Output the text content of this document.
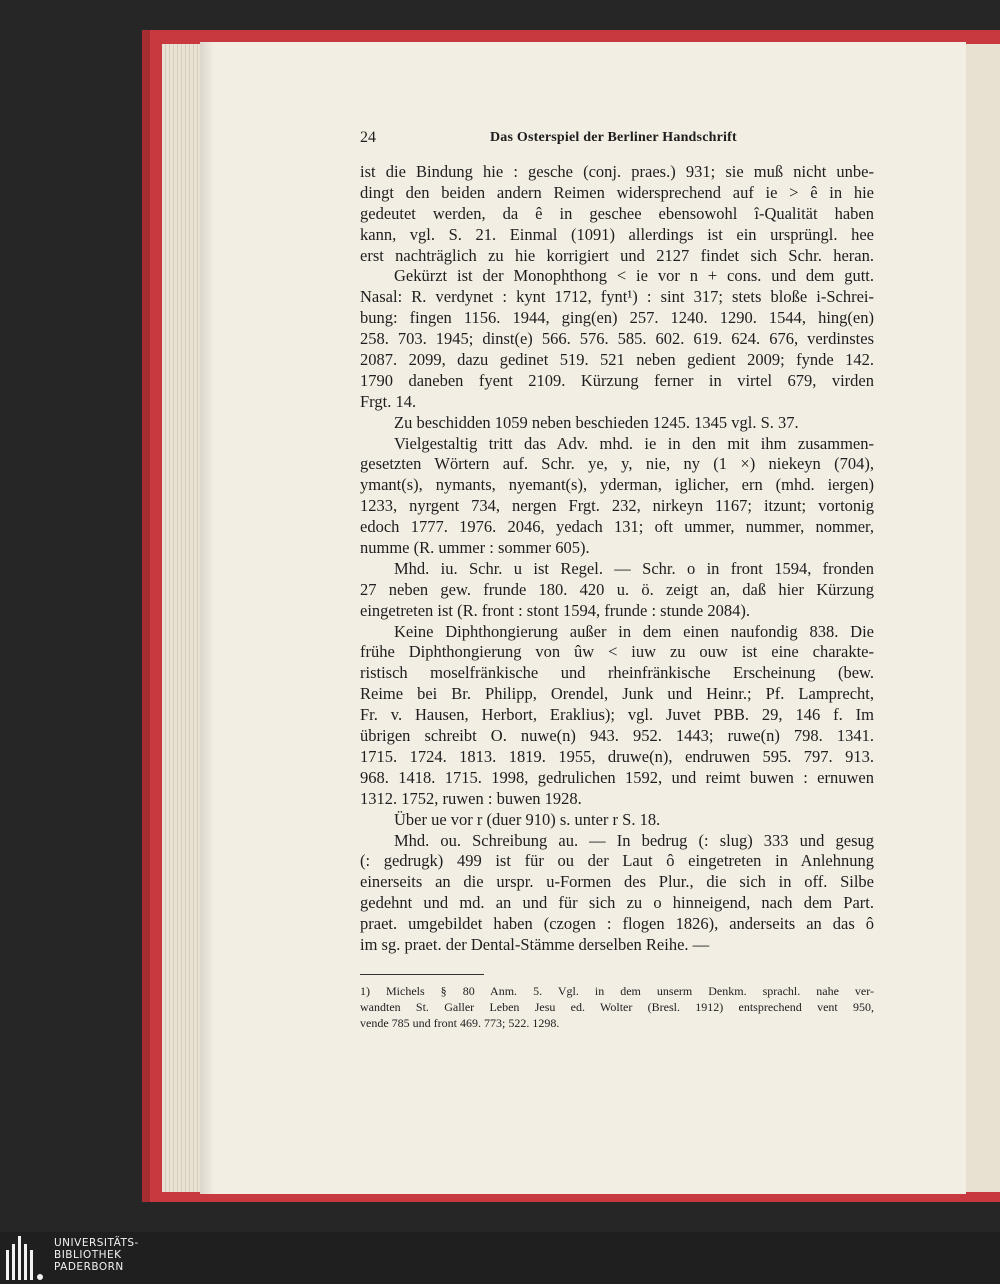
24	Das Osterspiel der Berliner Handschrift
ist die Bindung hie : gesche (conj. praes.) 931; sie muß nicht unbe-
dingt den beiden andern Reimen widersprechend auf ie > ê in hie
gedeutet werden, da ê in geschee ebensowohl î-Qualität haben
kann, vgl. S. 21. Einmal (1091) allerdings ist ein ursprüngl. hee
erst nachträglich zu hie korrigiert und 2127 findet sich Schr. heran.
Gekürzt ist der Monophthong < ie vor n + cons. und dem gutt.
Nasal: R. verdynet : kynt 1712, fynt¹) : sint 317; stets bloße i-Schrei-
bung: fingen 1156. 1944, ging(en) 257. 1240. 1290. 1544, hing(en)
258. 703. 1945; dinst(e) 566. 576. 585. 602. 619. 624. 676, verdinstes
2087. 2099, dazu gedinet 519. 521 neben gedient 2009; fynde 142.
1790 daneben fyent 2109. Kürzung ferner in virtel 679, virden
Frgt. 14.
Zu beschidden 1059 neben beschieden 1245. 1345 vgl. S. 37.
Vielgestaltig tritt das Adv. mhd. ie in den mit ihm zusammen-
gesetzten Wörtern auf. Schr. ye, y, nie, ny (1 ×) niekeyn (704),
ymant(s), nymants, nyemant(s), yderman, iglicher, ern (mhd. iergen)
1233, nyrgent 734, nergen Frgt. 232, nirkeyn 1167; itzunt; vortonig
edoch 1777. 1976. 2046, yedach 131; oft ummer, nummer, nommer,
numme (R. ummer : sommer 605).
Mhd. iu. Schr. u ist Regel. — Schr. o in front 1594, fronden
27 neben gew. frunde 180. 420 u. ö. zeigt an, daß hier Kürzung
eingetreten ist (R. front : stont 1594, frunde : stunde 2084).
Keine Diphthongierung außer in dem einen naufondig 838. Die
frühe Diphthongierung von ûw < iuw zu ouw ist eine charakte-
ristisch moselfränkische und rheinfränkische Erscheinung (bew.
Reime bei Br. Philipp, Orendel, Junk und Heinr.; Pf. Lamprecht,
Fr. v. Hausen, Herbort, Eraklius); vgl. Juvet PBB. 29, 146 f. Im
übrigen schreibt O. nuwe(n) 943. 952. 1443; ruwe(n) 798. 1341.
1715. 1724. 1813. 1819. 1955, druwe(n), endruwen 595. 797. 913.
968. 1418. 1715. 1998, gedrulichen 1592, und reimt buwen : ernuwen
1312. 1752, ruwen : buwen 1928.
Über ue vor r (duer 910) s. unter r S. 18.
Mhd. ou. Schreibung au. — In bedrug (: slug) 333 und gesug
(: gedrugk) 499 ist für ou der Laut ô eingetreten in Anlehnung
einerseits an die urspr. u-Formen des Plur., die sich in off. Silbe
gedehnt und md. an und für sich zu o hinneigend, nach dem Part.
praet. umgebildet haben (czogen : flogen 1826), anderseits an das ô
im sg. praet. der Dental-Stämme derselben Reihe. —
1) Michels § 80 Anm. 5. Vgl. in dem unserm Denkm. sprachl. nahe ver-
wandten St. Galler Leben Jesu ed. Wolter (Bresl. 1912) entsprechend vent 950,
vende 785 und front 469. 773; 522. 1298.
UNIVERSITÄTS-
BIBLIOTHEK
PADERBORN
